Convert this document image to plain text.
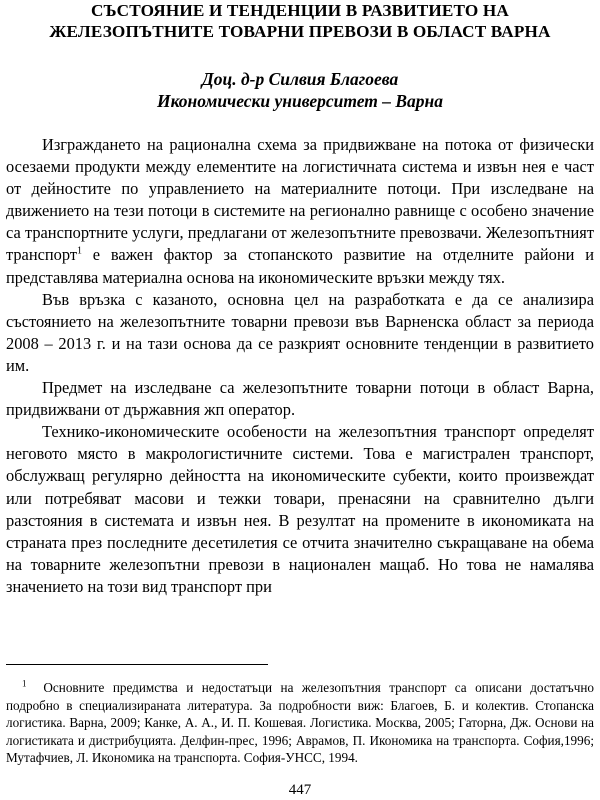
СЪСТОЯНИЕ И ТЕНДЕНЦИИ В РАЗВИТИЕТО НА
ЖЕЛЕЗОПЪТНИТЕ ТОВАРНИ ПРЕВОЗИ В ОБЛАСТ ВАРНА
Доц. д-р Силвия Благоева
Икономически университет – Варна

Изграждането на рационална схема за придвижване на потока от физически осезаеми продукти между елементите на логистичната система и извън нея е част от дейностите по управлението на материалните потоци. При изследване на движението на тези потоци в системите на регионално равнище с особено значение са транспортните услуги, предлагани от железопътните превозвачи. Железопътният транспорт$^1$ е важен фактор за стопанското развитие на отделните райони и представлява материална основа на икономическите връзки между тях.

Във връзка с казаното, основна цел на разработката е да се анализира състоянието на железопътните товарни превози във Варненска област за периода 2008 – 2013 г. и на тази основа да се разкрият основните тенденции в развитието им.

Предмет на изследване са железопътните товарни потоци в област Варна, придвижвани от държавния жп оператор.

Технико-икономическите особености на железопътния транспорт определят неговото място в макрологистичните системи. Това е магистрален транспорт, обслужващ регулярно дейността на икономическите субекти, които произвеждат или потребяват масови и тежки товари, пренасяни на сравнително дълги разстояния в системата и извън нея. В резултат на промените в икономиката на страната през последните десетилетия се отчита значително съкращаване на обема на товарните железопътни превози в национален мащаб. Но това не намалява значението на този вид транспорт при

$^1$ Основните предимства и недостатъци на железопътния транспорт са описани достатъчно подробно в специализираната литература. За подробности виж: Благоев, Б. и колектив. Стопанска логистика. Варна, 2009; Канке, А. А., И. П. Кошевая. Логистика. Москва, 2005; Гаторна, Дж. Основи на логистиката и дистрибуцията. Делфин-прес, 1996; Аврамов, П. Икономика на транспорта. София,1996; Мутафчиев, Л. Икономика на транспорта. София-УНСС, 1994.

447
